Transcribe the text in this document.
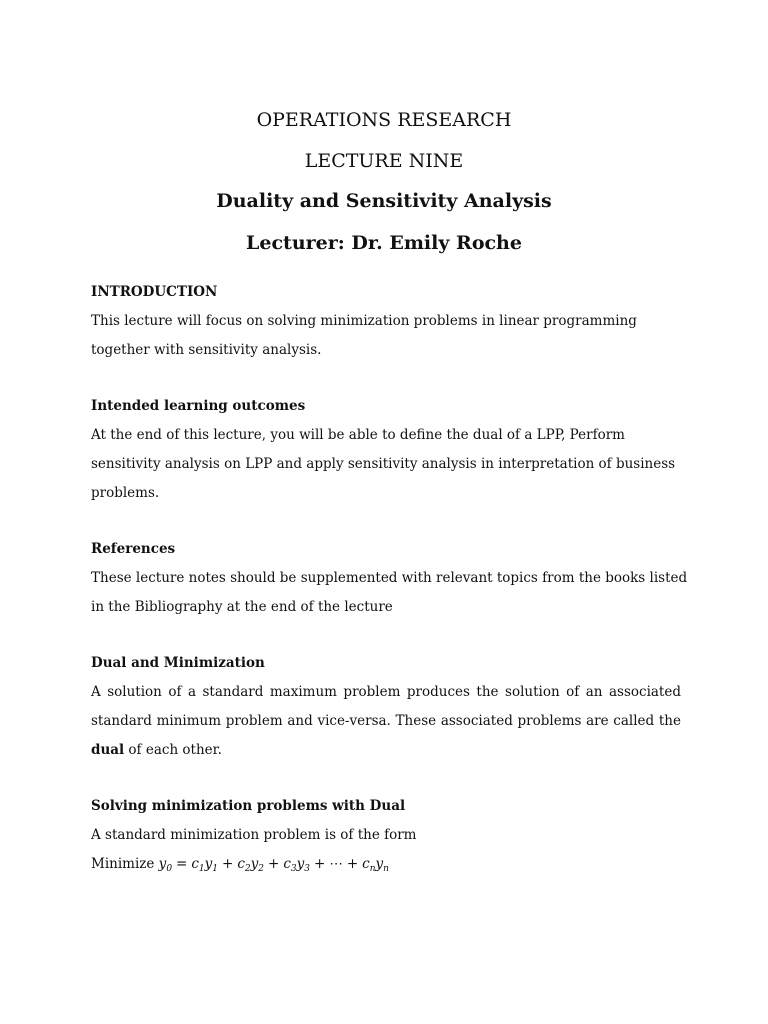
OPERATIONS RESEARCH
LECTURE NINE
Duality and Sensitivity Analysis
Lecturer: Dr. Emily Roche
INTRODUCTION
This lecture will focus on solving minimization problems in linear programming
together with sensitivity analysis.
Intended learning outcomes
At the end of this lecture, you will be able to define the dual of a LPP, Perform
sensitivity analysis on LPP and apply sensitivity analysis in interpretation of business
problems.
References
These lecture notes should be supplemented with relevant topics from the books listed
in the Bibliography at the end of the lecture
Dual and Minimization
A solution of a standard maximum problem produces the solution of an associated
standard minimum problem and vice-versa. These associated problems are called the
dual of each other.
Solving minimization problems with Dual
A standard minimization problem is of the form
Minimize $y_0 = c_1y_1 + c_2y_2 + c_3y_3$ + ⋯ + $c_ny_n$
